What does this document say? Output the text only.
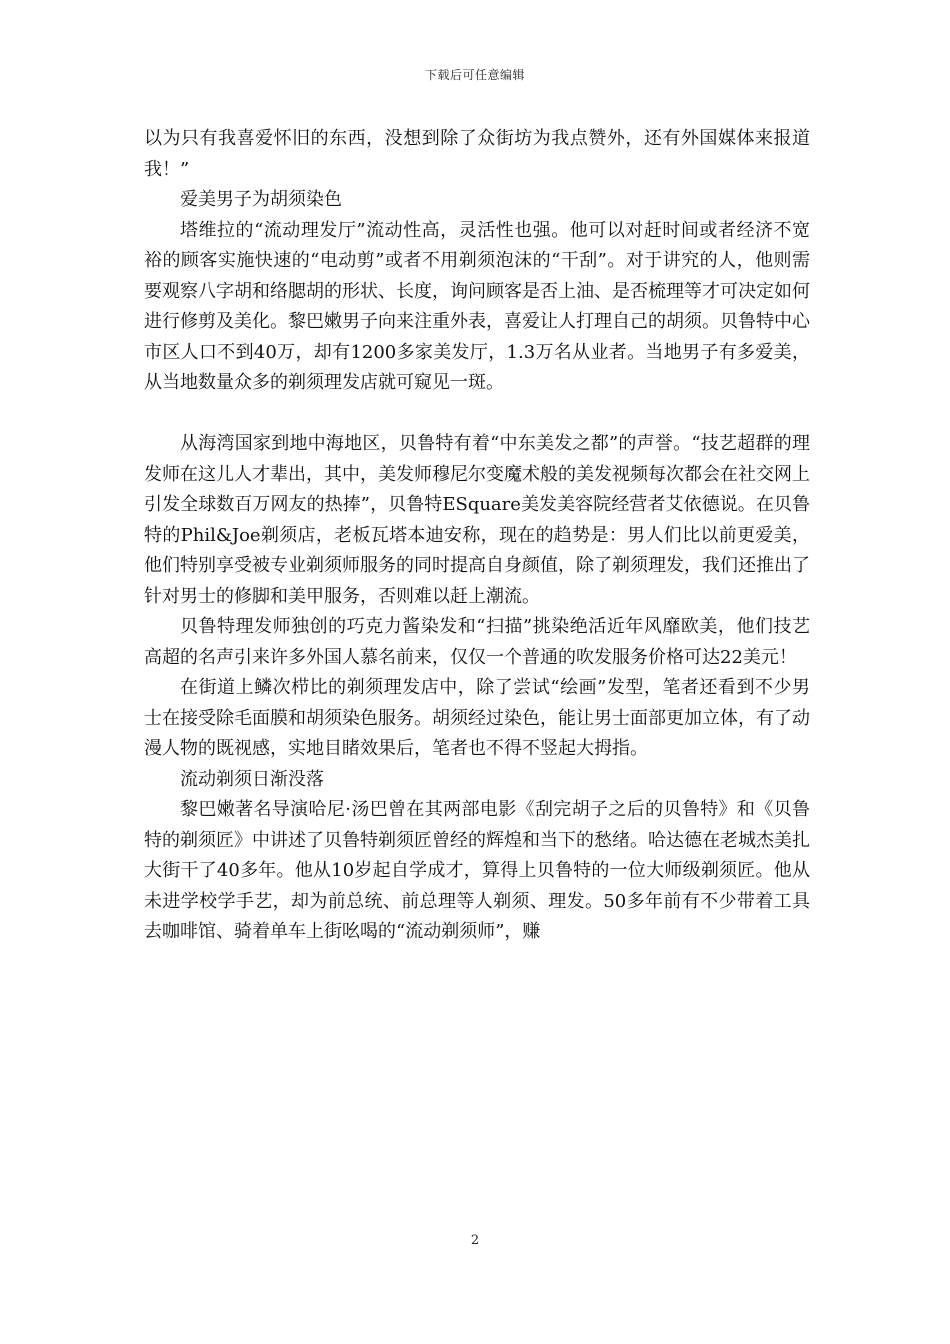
下载后可任意编辑

以为只有我喜爱怀旧的东西，没想到除了众街坊为我点赞外，还有外国媒体来报道我！”

爱美男子为胡须染色

塔维拉的“流动理发厅”流动性高，灵活性也强。他可以对赶时间或者经济不宽裕的顾客实施快速的“电动剪”或者不用剃须泡沫的“干刮”。对于讲究的人，他则需要观察八字胡和络腮胡的形状、长度，询问顾客是否上油、是否梳理等才可决定如何进行修剪及美化。黎巴嫩男子向来注重外表，喜爱让人打理自己的胡须。贝鲁特中心市区人口不到40万，却有1200多家美发厅，1.3万名从业者。当地男子有多爱美，从当地数量众多的剃须理发店就可窥见一斑。

从海湾国家到地中海地区，贝鲁特有着“中东美发之都”的声誉。“技艺超群的理发师在这儿人才辈出，其中，美发师穆尼尔变魔术般的美发视频每次都会在社交网上引发全球数百万网友的热捧”，贝鲁特ESquare美发美容院经营者艾依德说。在贝鲁特的Phil&Joe剃须店，老板瓦塔本迪安称，现在的趋势是：男人们比以前更爱美，他们特别享受被专业剃须师服务的同时提高自身颜值，除了剃须理发，我们还推出了针对男士的修脚和美甲服务，否则难以赶上潮流。

贝鲁特理发师独创的巧克力酱染发和“扫描”挑染绝活近年风靡欧美，他们技艺高超的名声引来许多外国人慕名前来，仅仅一个普通的吹发服务价格可达22美元！

在街道上鳞次栉比的剃须理发店中，除了尝试“绘画”发型，笔者还看到不少男士在接受除毛面膜和胡须染色服务。胡须经过染色，能让男士面部更加立体，有了动漫人物的既视感，实地目睹效果后，笔者也不得不竖起大拇指。

流动剃须日渐没落

黎巴嫩著名导演哈尼·汤巴曾在其两部电影《刮完胡子之后的贝鲁特》和《贝鲁特的剃须匠》中讲述了贝鲁特剃须匠曾经的辉煌和当下的愁绪。哈达德在老城杰美扎大街干了40多年。他从10岁起自学成才，算得上贝鲁特的一位大师级剃须匠。他从未进学校学手艺，却为前总统、前总理等人剃须、理发。50多年前有不少带着工具去咖啡馆、骑着单车上街吆喝的“流动剃须师”，赚

2
